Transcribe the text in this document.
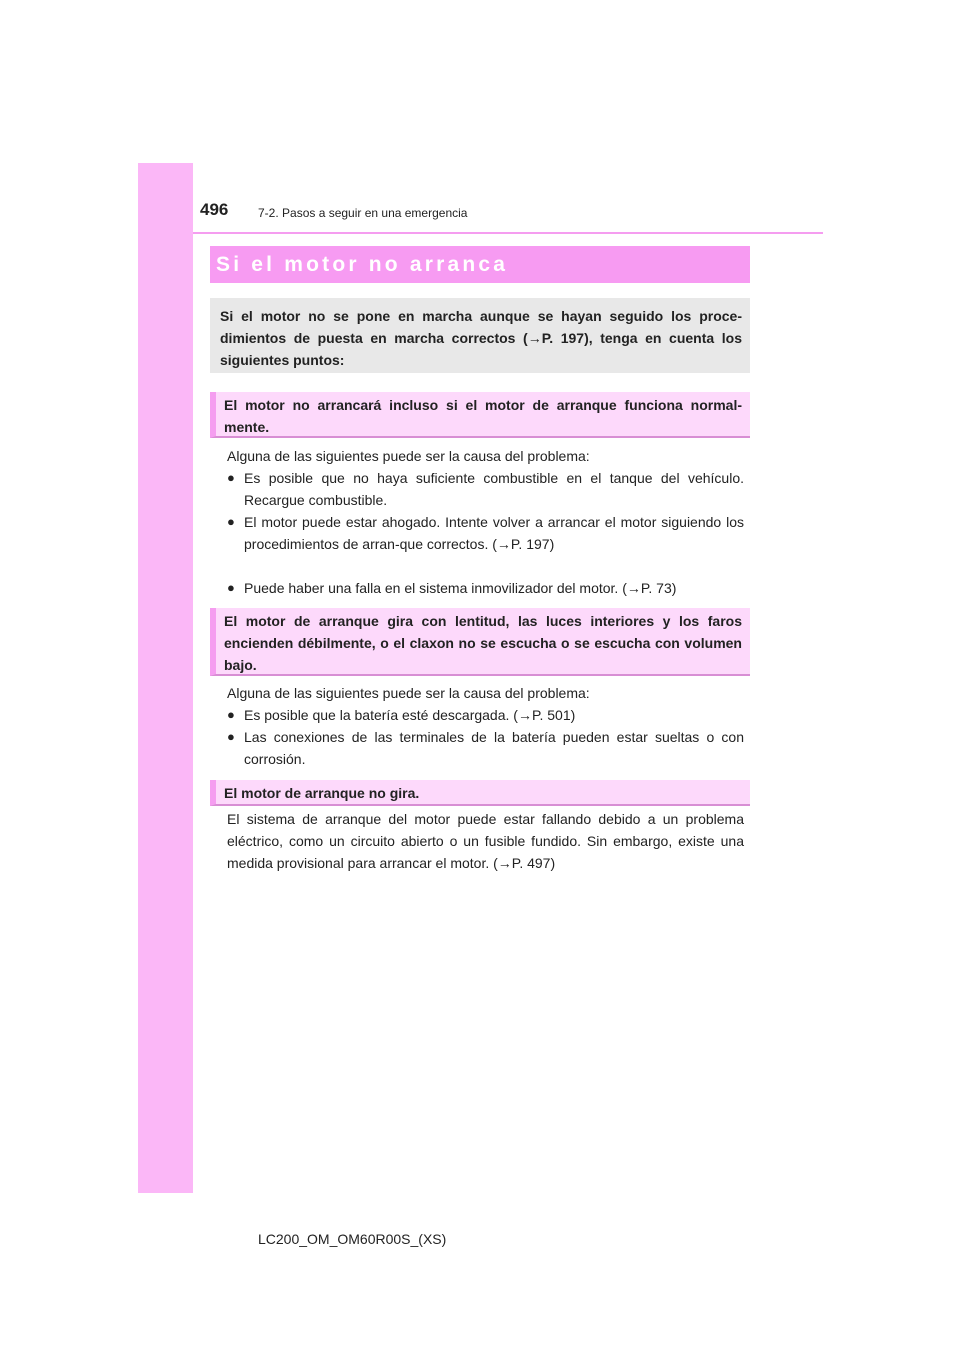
496 7-2. Pasos a seguir en una emergencia
Si el motor no arranca
Si el motor no se pone en marcha aunque se hayan seguido los proce-dimientos de puesta en marcha correctos (→P. 197), tenga en cuenta los siguientes puntos:
El motor no arrancará incluso si el motor de arranque funciona normal-mente.
Alguna de las siguientes puede ser la causa del problema:
● Es posible que no haya suficiente combustible en el tanque del vehículo. Recargue combustible.
● El motor puede estar ahogado. Intente volver a arrancar el motor siguiendo los procedimientos de arran-que correctos. (→P. 197)
● Puede haber una falla en el sistema inmovilizador del motor. (→P. 73)
El motor de arranque gira con lentitud, las luces interiores y los faros encienden débilmente, o el claxon no se escucha o se escucha con volumen bajo.
Alguna de las siguientes puede ser la causa del problema:
● Es posible que la batería esté descargada. (→P. 501)
● Las conexiones de las terminales de la batería pueden estar sueltas o con corrosión.
El motor de arranque no gira.
El sistema de arranque del motor puede estar fallando debido a un problema eléctrico, como un circuito abierto o un fusible fundido. Sin embargo, existe una medida provisional para arrancar el motor. (→P. 497)
LC200_OM_OM60R00S_(XS)
